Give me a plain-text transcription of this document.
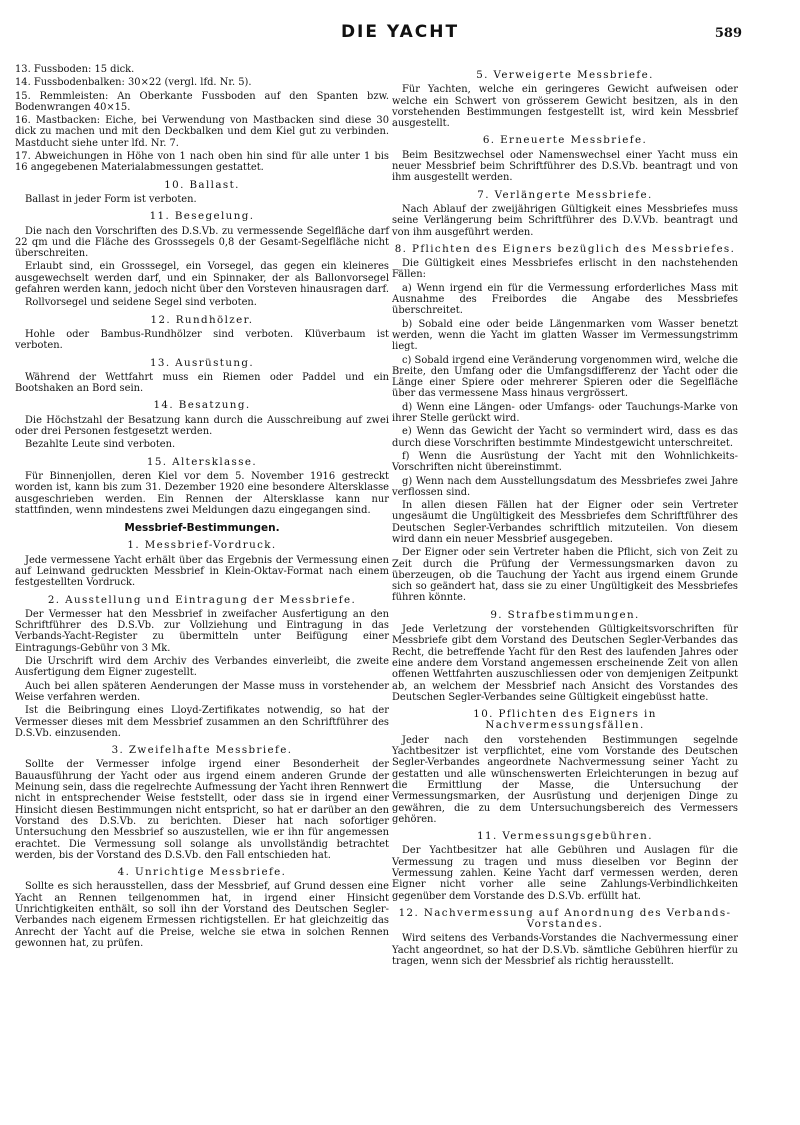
DIE YACHT	589

13. Fussboden: 15 dick.

14. Fussbodenbalken: 30×22 (vergl. lfd. Nr. 5).

15. Remmleisten: An Oberkante Fussboden auf den Spanten bzw. Bodenwrangen 40×15.

16. Mastbacken: Eiche, bei Verwendung von Mastbacken sind diese 30 dick zu machen und mit den Deckbalken und dem Kiel gut zu verbinden. Mastducht siehe unter lfd. Nr. 7.

17. Abweichungen in Höhe von 1 nach oben hin sind für alle unter 1 bis 16 angegebenen Materialabmessungen gestattet.

10. Ballast.

Ballast in jeder Form ist verboten.

11. Besegelung.

Die nach den Vorschriften des D.S.Vb. zu vermessende Segelfläche darf 22 qm und die Fläche des Grosssegels 0,8 der Gesamt-Segelfläche nicht überschreiten.

Erlaubt sind, ein Grosssegel, ein Vorsegel, das gegen ein kleineres ausgewechselt werden darf, und ein Spinnaker, der als Ballonvorsegel gefahren werden kann, jedoch nicht über den Vorsteven hinausragen darf.

Rollvorsegel und seidene Segel sind verboten.

12. Rundhölzer.

Hohle oder Bambus-Rundhölzer sind verboten. Klüverbaum ist verboten.

13. Ausrüstung.

Während der Wettfahrt muss ein Riemen oder Paddel und ein Bootshaken an Bord sein.

14. Besatzung.

Die Höchstzahl der Besatzung kann durch die Ausschreibung auf zwei oder drei Personen festgesetzt werden.

Bezahlte Leute sind verboten.

15. Altersklasse.

Für Binnenjollen, deren Kiel vor dem 5. November 1916 gestreckt worden ist, kann bis zum 31. Dezember 1920 eine besondere Altersklasse ausgeschrieben werden. Ein Rennen der Altersklasse kann nur stattfinden, wenn mindestens zwei Meldungen dazu eingegangen sind.

Messbrief-Bestimmungen.
1. Messbrief-Vordruck.

Jede vermessene Yacht erhält über das Ergebnis der Vermessung einen auf Leinwand gedruckten Messbrief in Klein-Oktav-Format nach einem festgestellten Vordruck.

2. Ausstellung und Eintragung der Messbriefe.

Der Vermesser hat den Messbrief in zweifacher Ausfertigung an den Schriftführer des D.S.Vb. zur Vollziehung und Eintragung in das Verbands-Yacht-Register zu übermitteln unter Beifügung einer Eintragungs-Gebühr von 3 Mk.

Die Urschrift wird dem Archiv des Verbandes einverleibt, die zweite Ausfertigung dem Eigner zugestellt.

Auch bei allen späteren Aenderungen der Masse muss in vorstehender Weise verfahren werden.

Ist die Beibringung eines Lloyd-Zertifikates notwendig, so hat der Vermesser dieses mit dem Messbrief zusammen an den Schriftführer des D.S.Vb. einzusenden.

3. Zweifelhafte Messbriefe.

Sollte der Vermesser infolge irgend einer Besonderheit der Bauausführung der Yacht oder aus irgend einem anderen Grunde der Meinung sein, dass die regelrechte Aufmessung der Yacht ihren Rennwert nicht in entsprechender Weise feststellt, oder dass sie in irgend einer Hinsicht diesen Bestimmungen nicht entspricht, so hat er darüber an den Vorstand des D.S.Vb. zu berichten. Dieser hat nach sofortiger Untersuchung den Messbrief so auszustellen, wie er ihn für angemessen erachtet. Die Vermessung soll solange als unvollständig betrachtet werden, bis der Vorstand des D.S.Vb. den Fall entschieden hat.

4. Unrichtige Messbriefe.

Sollte es sich herausstellen, dass der Messbrief, auf Grund dessen eine Yacht an Rennen teilgenommen hat, in irgend einer Hinsicht Unrichtigkeiten enthält, so soll ihn der Vorstand des Deutschen Segler-Verbandes nach eigenem Ermessen richtigstellen. Er hat gleichzeitig das Anrecht der Yacht auf die Preise, welche sie etwa in solchen Rennen gewonnen hat, zu prüfen.

5. Verweigerte Messbriefe.

Für Yachten, welche ein geringeres Gewicht aufweisen oder welche ein Schwert von grösserem Gewicht besitzen, als in den vorstehenden Bestimmungen festgestellt ist, wird kein Messbrief ausgestellt.

6. Erneuerte Messbriefe.

Beim Besitzwechsel oder Namenswechsel einer Yacht muss ein neuer Messbrief beim Schriftführer des D.S.Vb. beantragt und von ihm ausgestellt werden.

7. Verlängerte Messbriefe.

Nach Ablauf der zweijährigen Gültigkeit eines Messbriefes muss seine Verlängerung beim Schriftführer des D.V.Vb. beantragt und von ihm ausgeführt werden.

8. Pflichten des Eigners bezüglich des Messbriefes.

Die Gültigkeit eines Messbriefes erlischt in den nachstehenden Fällen:

a) Wenn irgend ein für die Vermessung erforderliches Mass mit Ausnahme des Freibordes die Angabe des Messbriefes überschreitet.

b) Sobald eine oder beide Längenmarken vom Wasser benetzt werden, wenn die Yacht im glatten Wasser im Vermessungstrimm liegt.

c) Sobald irgend eine Veränderung vorgenommen wird, welche die Breite, den Umfang oder die Umfangsdifferenz der Yacht oder die Länge einer Spiere oder mehrerer Spieren oder die Segelfläche über das vermessene Mass hinaus vergrössert.

d) Wenn eine Längen- oder Umfangs- oder Tauchungs-Marke von ihrer Stelle gerückt wird.

e) Wenn das Gewicht der Yacht so vermindert wird, dass es das durch diese Vorschriften bestimmte Mindestgewicht unterschreitet.

f) Wenn die Ausrüstung der Yacht mit den Wohnlichkeits-Vorschriften nicht übereinstimmt.

g) Wenn nach dem Ausstellungsdatum des Messbriefes zwei Jahre verflossen sind.

In allen diesen Fällen hat der Eigner oder sein Vertreter ungesäumt die Ungültigkeit des Messbriefes dem Schriftführer des Deutschen Segler-Verbandes schriftlich mitzuteilen. Von diesem wird dann ein neuer Messbrief ausgegeben.

Der Eigner oder sein Vertreter haben die Pflicht, sich von Zeit zu Zeit durch die Prüfung der Vermessungsmarken davon zu überzeugen, ob die Tauchung der Yacht aus irgend einem Grunde sich so geändert hat, dass sie zu einer Ungültigkeit des Messbriefes führen könnte.

9. Strafbestimmungen.

Jede Verletzung der vorstehenden Gültigkeitsvorschriften für Messbriefe gibt dem Vorstand des Deutschen Segler-Verbandes das Recht, die betreffende Yacht für den Rest des laufenden Jahres oder eine andere dem Vorstand angemessen erscheinende Zeit von allen offenen Wettfahrten auszuschliessen oder von demjenigen Zeitpunkt ab, an welchem der Messbrief nach Ansicht des Vorstandes des Deutschen Segler-Verbandes seine Gültigkeit eingebüsst hatte.

10. Pflichten des Eigners in Nachvermessungsfällen.

Jeder nach den vorstehenden Bestimmungen segelnde Yachtbesitzer ist verpflichtet, eine vom Vorstande des Deutschen Segler-Verbandes angeordnete Nachvermessung seiner Yacht zu gestatten und alle wünschenswerten Erleichterungen in bezug auf die Ermittlung der Masse, die Untersuchung der Vermessungsmarken, der Ausrüstung und derjenigen Dinge zu gewähren, die zu dem Untersuchungsbereich des Vermessers gehören.

11. Vermessungsgebühren.

Der Yachtbesitzer hat alle Gebühren und Auslagen für die Vermessung zu tragen und muss dieselben vor Beginn der Vermessung zahlen. Keine Yacht darf vermessen werden, deren Eigner nicht vorher alle seine Zahlungs-Verbindlichkeiten gegenüber dem Vorstande des D.S.Vb. erfüllt hat.

12. Nachvermessung auf Anordnung des Verbands-Vorstandes.

Wird seitens des Verbands-Vorstandes die Nachvermessung einer Yacht angeordnet, so hat der D.S.Vb. sämtliche Gebühren hierfür zu tragen, wenn sich der Messbrief als richtig herausstellt.
